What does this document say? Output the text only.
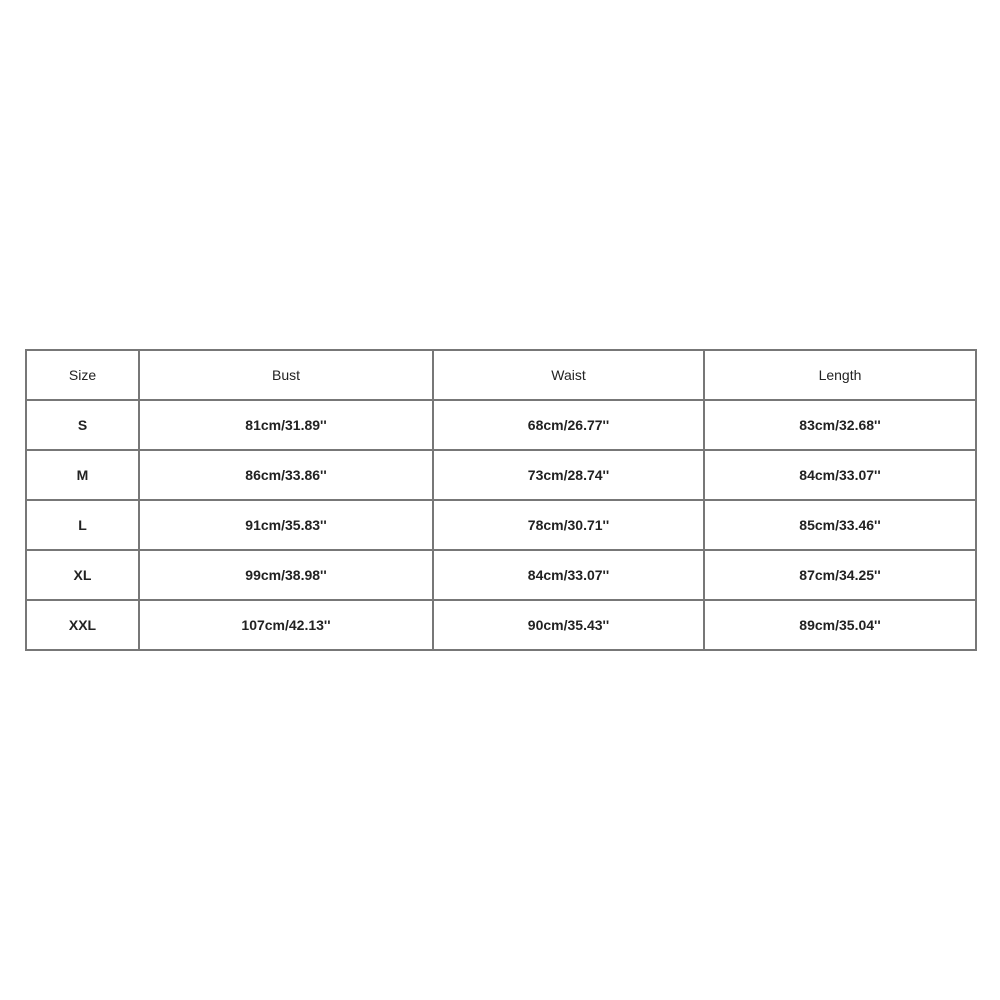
Size	Bust	Waist	Length
S	81cm/31.89''	68cm/26.77''	83cm/32.68''
M	86cm/33.86''	73cm/28.74''	84cm/33.07''
L	91cm/35.83''	78cm/30.71''	85cm/33.46''
XL	99cm/38.98''	84cm/33.07''	87cm/34.25''
XXL	107cm/42.13''	90cm/35.43''	89cm/35.04''
